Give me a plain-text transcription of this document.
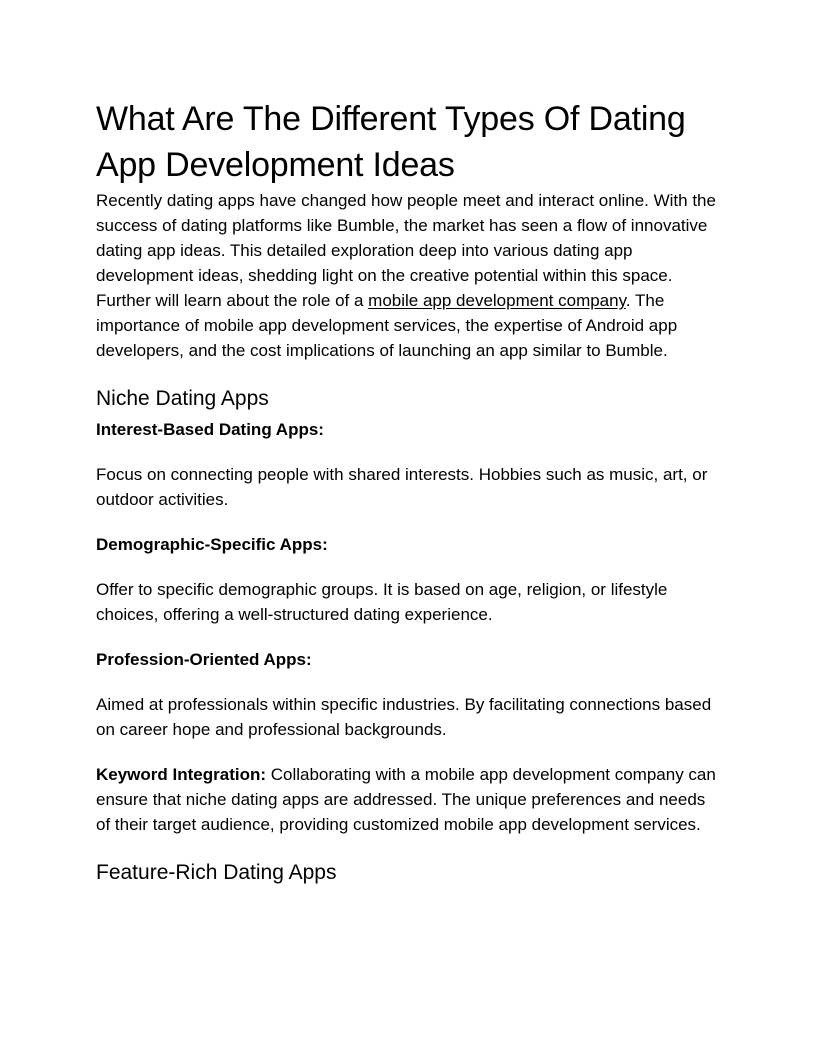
What Are The Different Types Of Dating App Development Ideas

Recently dating apps have changed how people meet and interact online. With the success of dating platforms like Bumble, the market has seen a flow of innovative dating app ideas. This detailed exploration deep into various dating app development ideas, shedding light on the creative potential within this space. Further will learn about the role of a mobile app development company. The importance of mobile app development services, the expertise of Android app developers, and the cost implications of launching an app similar to Bumble.

Niche Dating Apps

Interest-Based Dating Apps:

Focus on connecting people with shared interests. Hobbies such as music, art, or outdoor activities.

Demographic-Specific Apps:

Offer to specific demographic groups. It is based on age, religion, or lifestyle choices, offering a well-structured dating experience.

Profession-Oriented Apps:

Aimed at professionals within specific industries. By facilitating connections based on career hope and professional backgrounds.

Keyword Integration: Collaborating with a mobile app development company can ensure that niche dating apps are addressed. The unique preferences and needs of their target audience, providing customized mobile app development services.

Feature-Rich Dating Apps
